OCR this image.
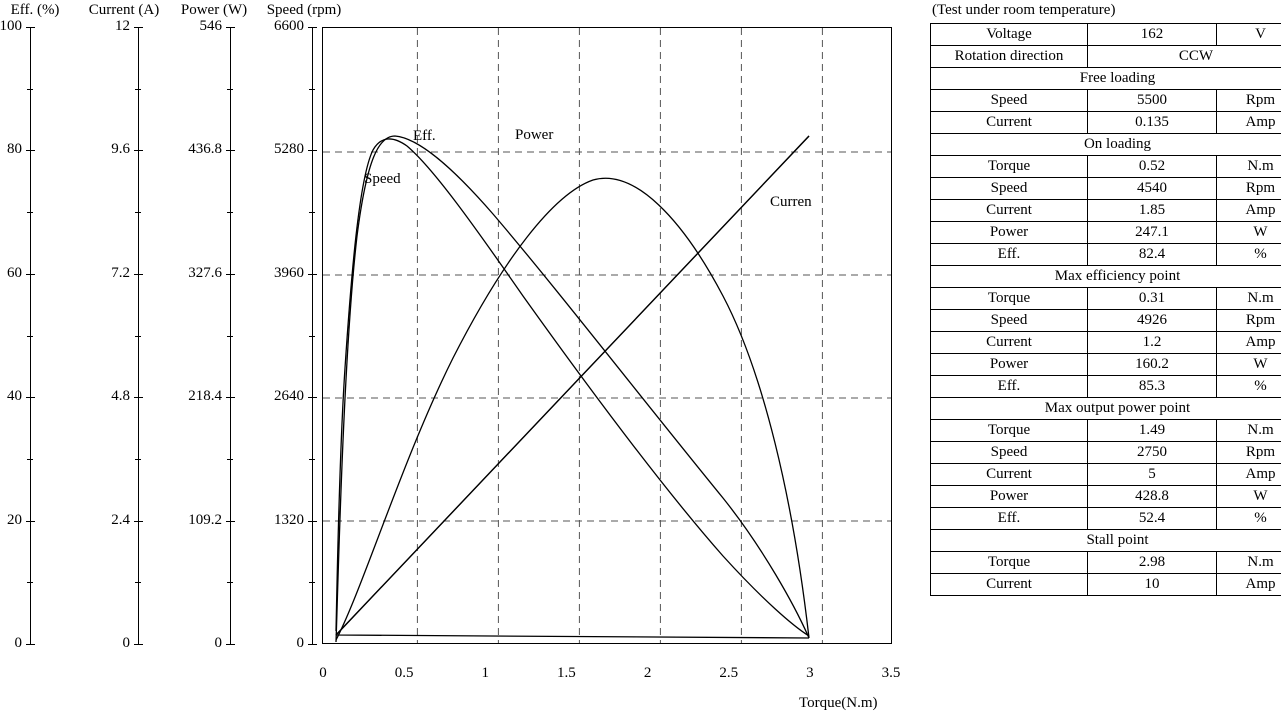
Eff. (%)
100
80
60
40
20
0
Current (A)
12
9.6
7.2
4.8
2.4
0
Power (W)
546
436.8
327.6
218.4
109.2
0
Speed (rpm)
6600
5280
3960
2640
1320
0
Eff.
Speed
Power
Curren
0	0.5	1	1.5	2	2.5	3	3.5
Torque(N.m)
(Test under room temperature)
Voltage	162	V
Rotation direction	CCW	
Free loading		
Speed	5500	Rpm
Current	0.135	Amp
On loading		
Torque	0.52	N.m
Speed	4540	Rpm
Current	1.85	Amp
Power	247.1	W
Eff.	82.4	%
Max efficiency point		
Torque	0.31	N.m
Speed	4926	Rpm
Current	1.2	Amp
Power	160.2	W
Eff.	85.3	%
Max output power point		
Torque	1.49	N.m
Speed	2750	Rpm
Current	5	Amp
Power	428.8	W
Eff.	52.4	%
Stall point		
Torque	2.98	N.m
Current	10	Amp
